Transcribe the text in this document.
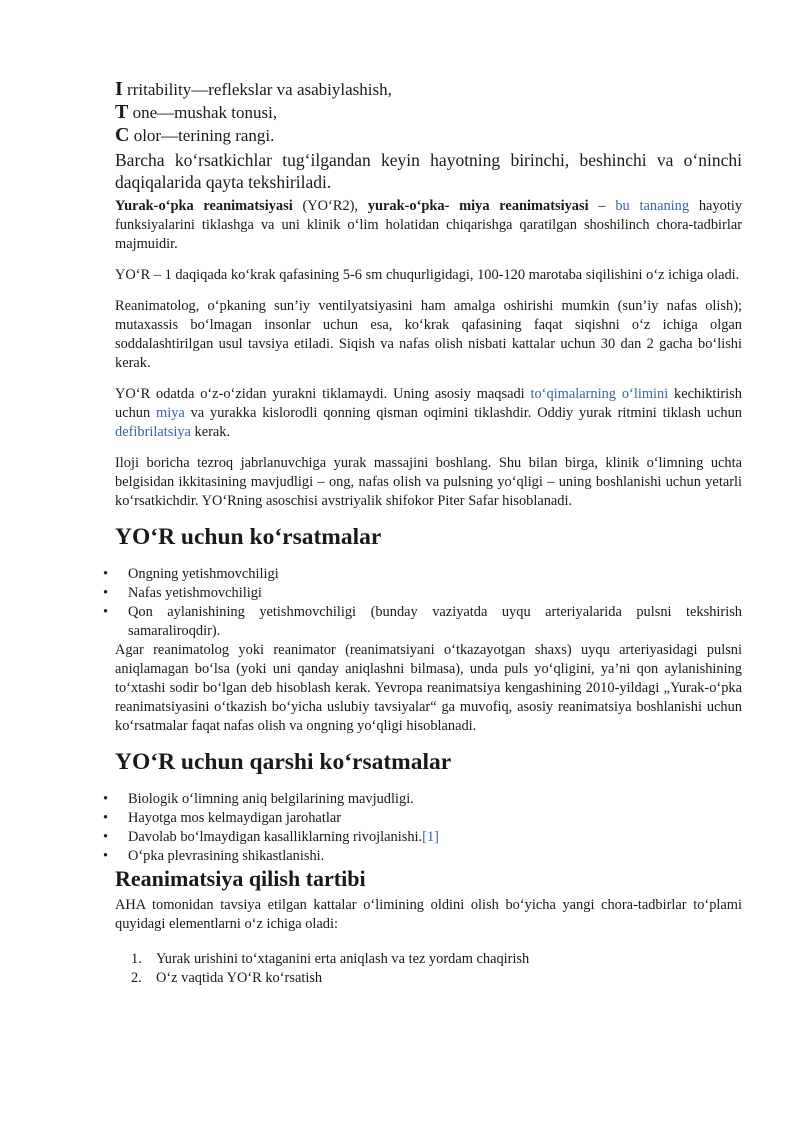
I rritability—reflekslar va asabiylashish,

T one—mushak tonusi,

C olor—terining rangi.

Barcha ko‘rsatkichlar tug‘ilgandan keyin hayotning birinchi, beshinchi va o‘ninchi daqiqalarida qayta tekshiriladi.

Yurak-o‘pka reanimatsiyasi (YO‘R2), yurak-o‘pka- miya reanimatsiyasi – bu tananing hayotiy funksiyalarini tiklashga va uni klinik o‘lim holatidan chiqarishga qaratilgan shoshilinch chora-tadbirlar majmuidir.

YO‘R – 1 daqiqada ko‘krak qafasining 5-6 sm chuqurligidagi, 100-120 marotaba siqilishini o‘z ichiga oladi.

Reanimatolog, o‘pkaning sun’iy ventilyatsiyasini ham amalga oshirishi mumkin (sun’iy nafas olish); mutaxassis bo‘lmagan insonlar uchun esa, ko‘krak qafasining faqat siqishni o‘z ichiga olgan soddalashtirilgan usul tavsiya etiladi. Siqish va nafas olish nisbati kattalar uchun 30 dan 2 gacha bo‘lishi kerak.

YO‘R odatda o‘z-o‘zidan yurakni tiklamaydi. Uning asosiy maqsadi to‘qimalarning o‘limini kechiktirish uchun miya va yurakka kislorodli qonning qisman oqimini tiklashdir. Oddiy yurak ritmini tiklash uchun defibrilatsiya kerak.

Iloji boricha tezroq jabrlanuvchiga yurak massajini boshlang. Shu bilan birga, klinik o‘limning uchta belgisidan ikkitasining mavjudligi – ong, nafas olish va pulsning yo‘qligi – uning boshlanishi uchun yetarli ko‘rsatkichdir. YO‘Rning asoschisi avstriyalik shifokor Piter Safar hisoblanadi.

YO‘R uchun ko‘rsatmalar
• Ongning yetishmovchiligi
• Nafas yetishmovchiligi
• Qon aylanishining yetishmovchiligi (bunday vaziyatda uyqu arteriyalarida pulsni tekshirish samaraliroqdir).

Agar reanimatolog yoki reanimator (reanimatsiyani o‘tkazayotgan shaxs) uyqu arteriyasidagi pulsni aniqlamagan bo‘lsa (yoki uni qanday aniqlashni bilmasa), unda puls yo‘qligini, ya’ni qon aylanishining to‘xtashi sodir bo‘lgan deb hisoblash kerak. Yevropa reanimatsiya kengashining 2010-yildagi „Yurak-o‘pka reanimatsiyasini o‘tkazish bo‘yicha uslubiy tavsiyalar“ ga muvofiq, asosiy reanimatsiya boshlanishi uchun ko‘rsatmalar faqat nafas olish va ongning yo‘qligi hisoblanadi.

YO‘R uchun qarshi ko‘rsatmalar
• Biologik o‘limning aniq belgilarining mavjudligi.
• Hayotga mos kelmaydigan jarohatlar
• Davolab bo‘lmaydigan kasalliklarning rivojlanishi.[1]
• O‘pka plevrasining shikastlanishi.
Reanimatsiya qilish tartibi

AHA tomonidan tavsiya etilgan kattalar o‘limining oldini olish bo‘yicha yangi chora-tadbirlar to‘plami quyidagi elementlarni o‘z ichiga oladi:

1. Yurak urishini to‘xtaganini erta aniqlash va tez yordam chaqirish
2. O‘z vaqtida YO‘R ko‘rsatish
